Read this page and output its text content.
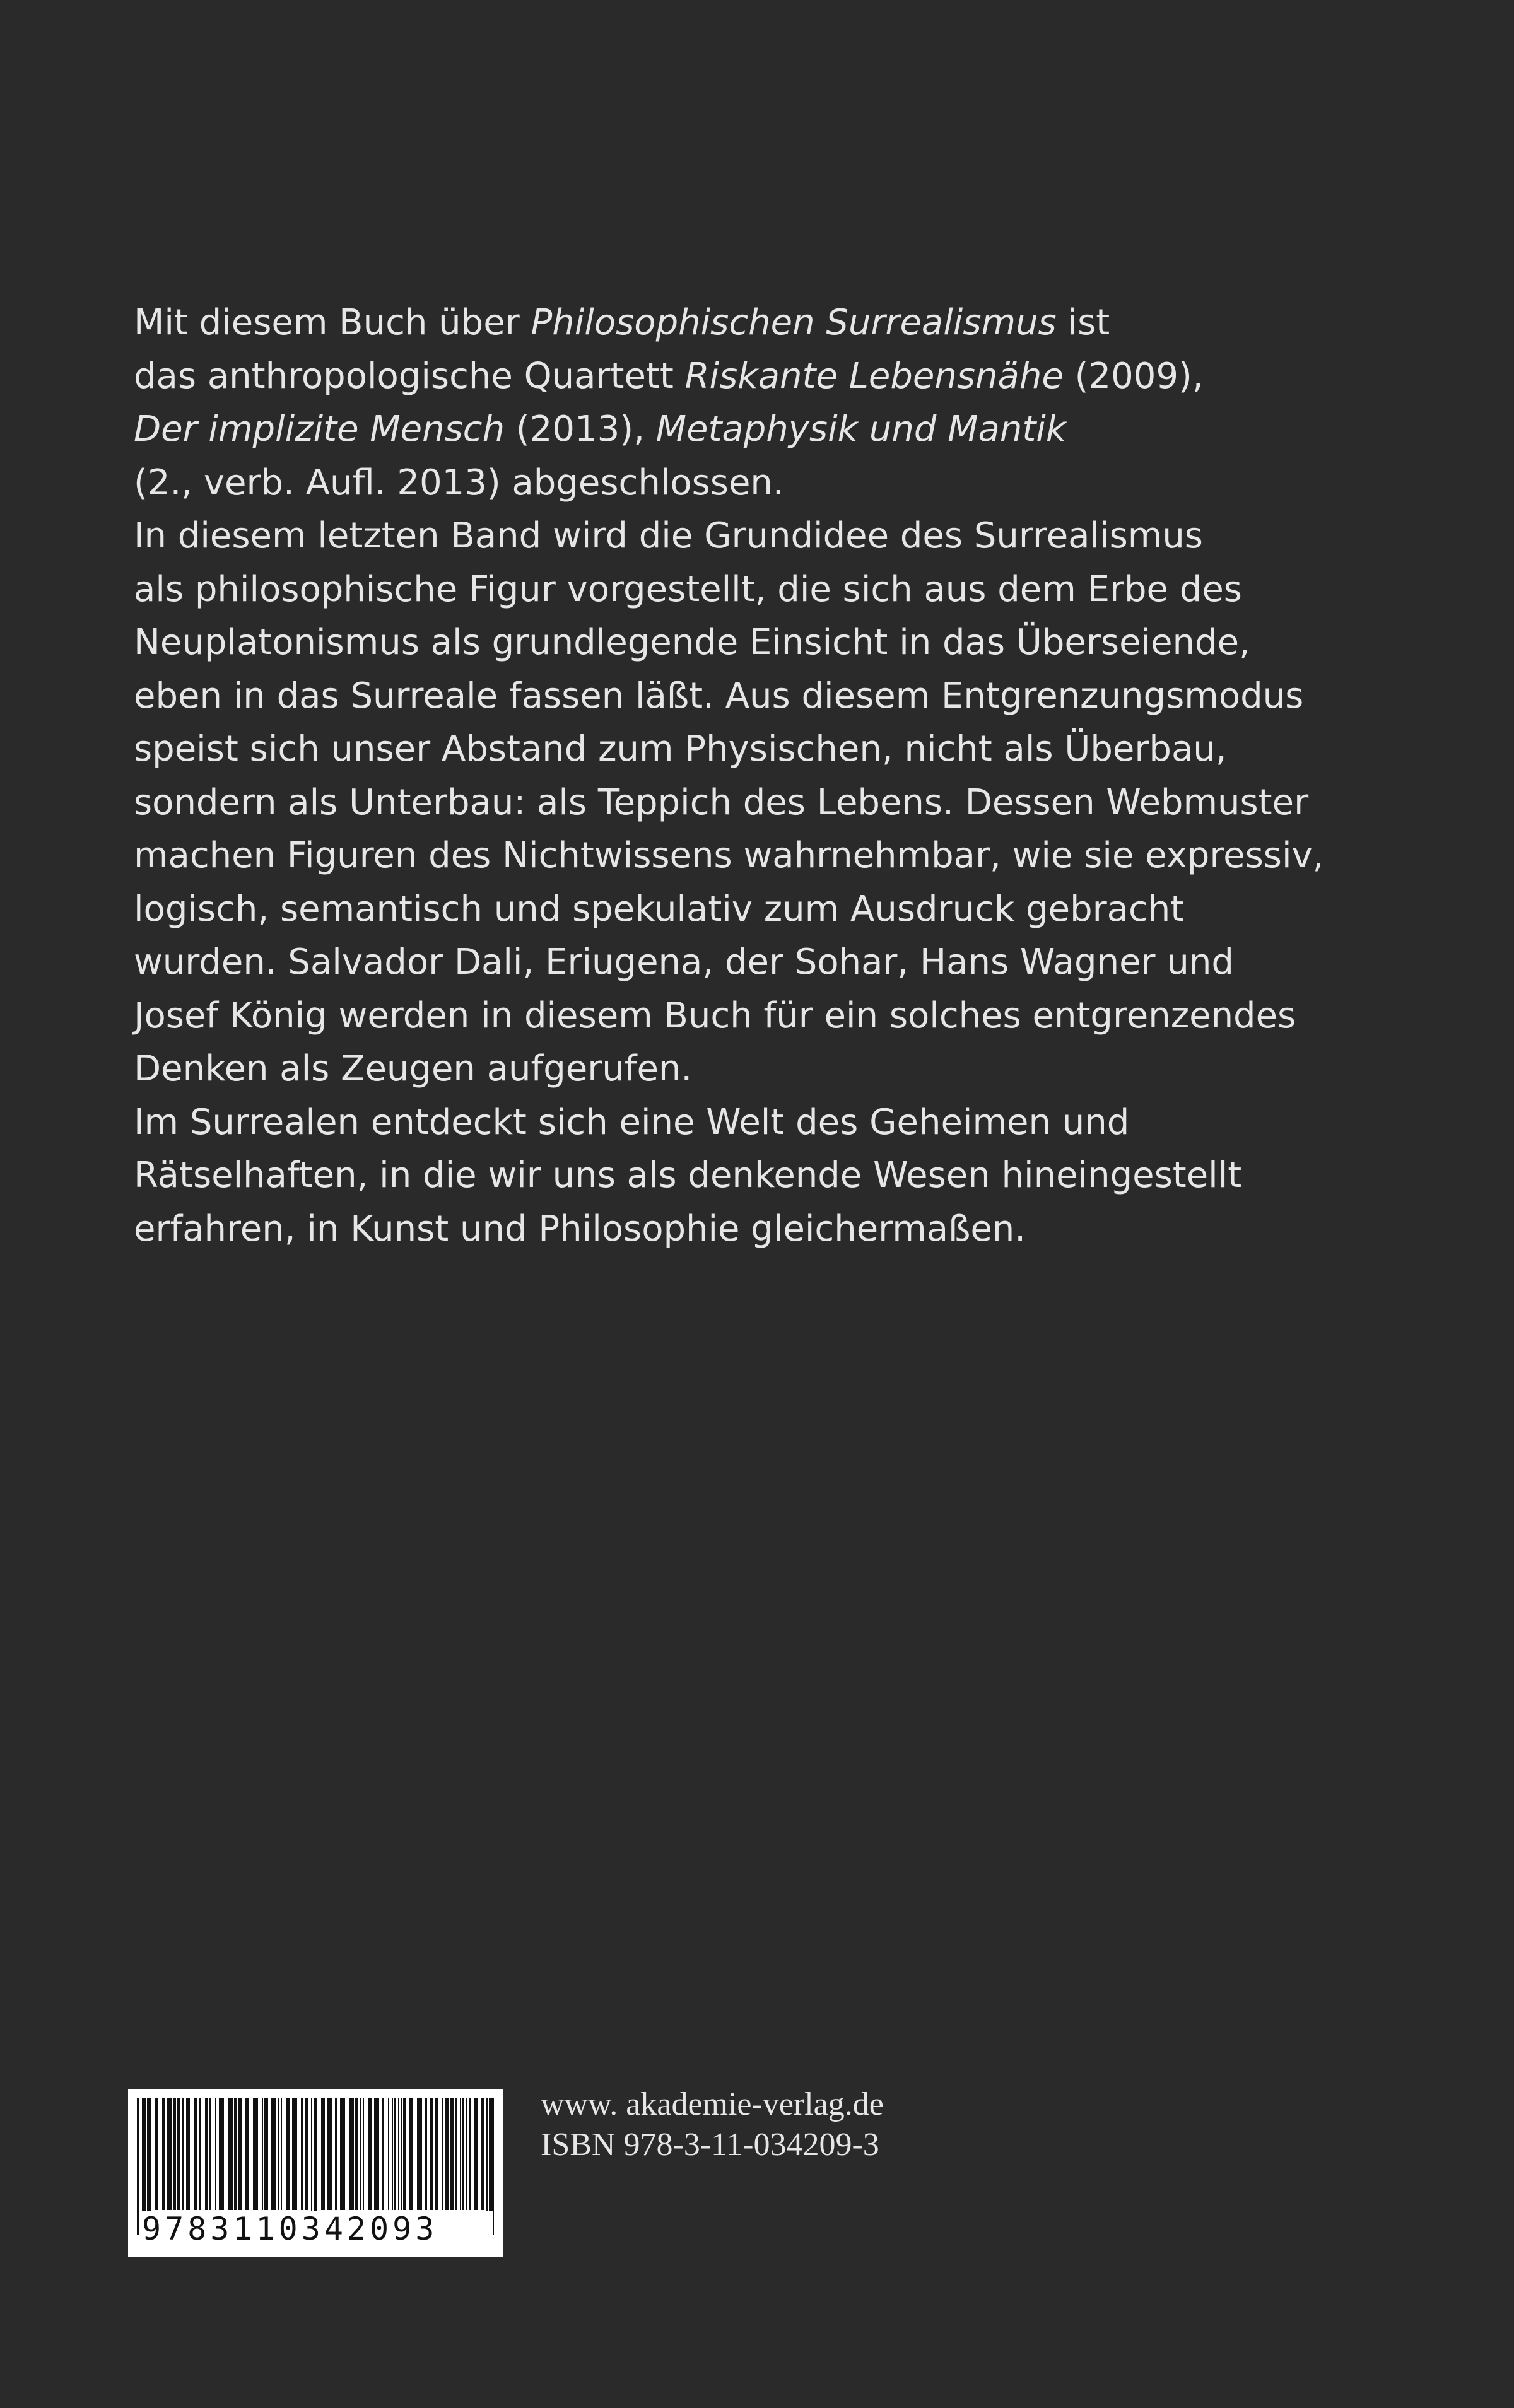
Mit diesem Buch über Philosophischen Surrealismus ist
das anthropologische Quartett Riskante Lebensnähe (2009),
Der implizite Mensch (2013), Metaphysik und Mantik
(2., verb. Aufl. 2013) abgeschlossen.

In diesem letzten Band wird die Grundidee des Surrealismus
als philosophische Figur vorgestellt, die sich aus dem Erbe des
Neuplatonismus als grundlegende Einsicht in das Überseiende,
eben in das Surreale fassen läßt. Aus diesem Entgrenzungsmodus
speist sich unser Abstand zum Physischen, nicht als Überbau,
sondern als Unterbau: als Teppich des Lebens. Dessen Webmuster
machen Figuren des Nichtwissens wahrnehmbar, wie sie expressiv,
logisch, semantisch und spekulativ zum Ausdruck gebracht
wurden. Salvador Dali, Eriugena, der Sohar, Hans Wagner und
Josef König werden in diesem Buch für ein solches entgrenzendes
Denken als Zeugen aufgerufen.

Im Surrealen entdeckt sich eine Welt des Geheimen und
Rätselhaften, in die wir uns als denkende Wesen hineingestellt
erfahren, in Kunst und Philosophie gleichermaßen.

9783110342093
www. akademie-verlag.de
ISBN 978-3-11-034209-3
